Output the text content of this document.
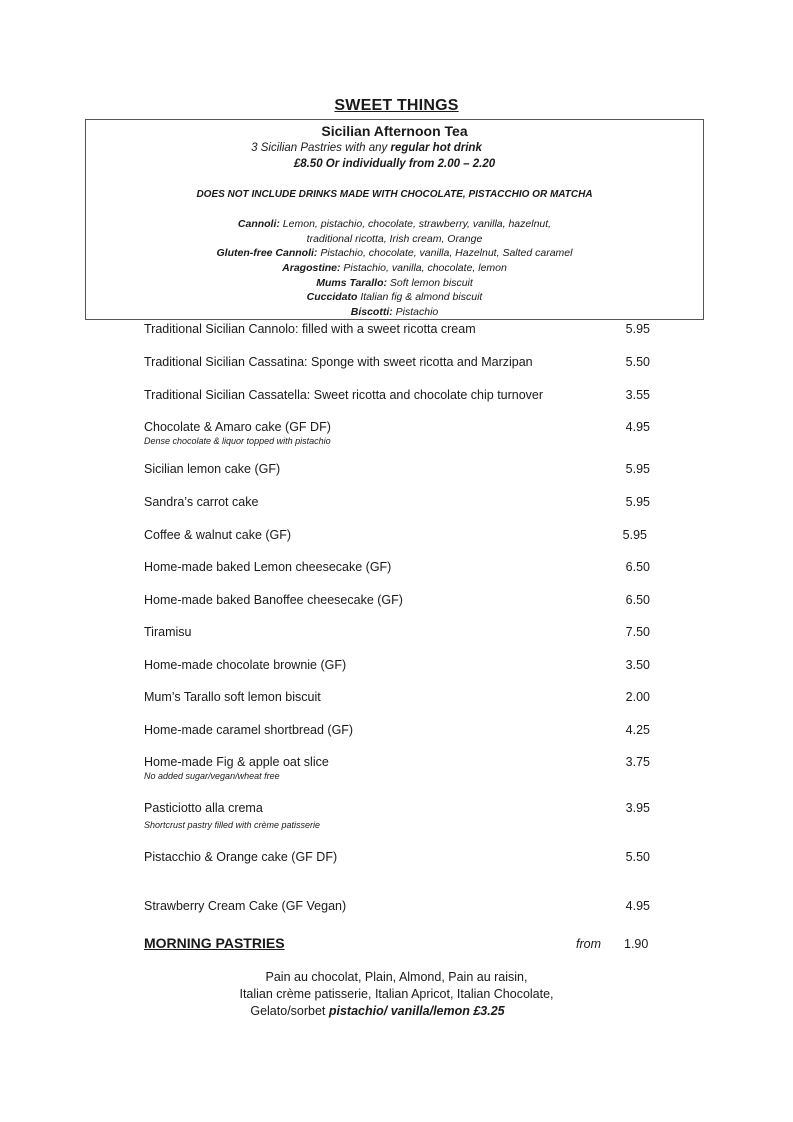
SWEET THINGS
Sicilian Afternoon Tea
3 Sicilian Pastries with any regular hot drink
£8.50 Or individually from 2.00 – 2.20
DOES NOT INCLUDE DRINKS MADE WITH CHOCOLATE, PISTACCHIO OR MATCHA
Cannoli: Lemon, pistachio, chocolate, strawberry, vanilla, hazelnut,
traditional ricotta, Irish cream, Orange
Gluten-free Cannoli: Pistachio, chocolate, vanilla, Hazelnut, Salted caramel
Aragostine: Pistachio, vanilla, chocolate, lemon
Mums Tarallo: Soft lemon biscuit
Cuccidato Italian fig & almond biscuit
Biscotti: Pistachio
Traditional Sicilian Cannolo: filled with a sweet ricotta cream	5.95
Traditional Sicilian Cassatina: Sponge with sweet ricotta and Marzipan	5.50
Traditional Sicilian Cassatella: Sweet ricotta and chocolate chip turnover	3.55
Chocolate & Amaro cake (GF DF)	4.95
Dense chocolate & liquor topped with pistachio
Sicilian lemon cake (GF)	5.95
Sandra’s carrot cake	5.95
Coffee & walnut cake (GF)	5.95
Home-made baked Lemon cheesecake (GF)	6.50
Home-made baked Banoffee cheesecake (GF)	6.50
Tiramisu	7.50
Home-made chocolate brownie (GF)	3.50
Mum’s Tarallo soft lemon biscuit	2.00
Home-made caramel shortbread (GF)	4.25
Home-made Fig & apple oat slice	3.75
No added sugar/vegan/wheat free
Pasticiotto alla crema	3.95
Shortcrust pastry filled with crème patisserie
Pistacchio & Orange cake (GF DF)	5.50
Strawberry Cream Cake (GF Vegan)	4.95
MORNING PASTRIES	from 1.90
Pain au chocolat, Plain, Almond, Pain au raisin,
Italian crème patisserie, Italian Apricot, Italian Chocolate,
Gelato/sorbet pistachio/ vanilla/lemon £3.25
